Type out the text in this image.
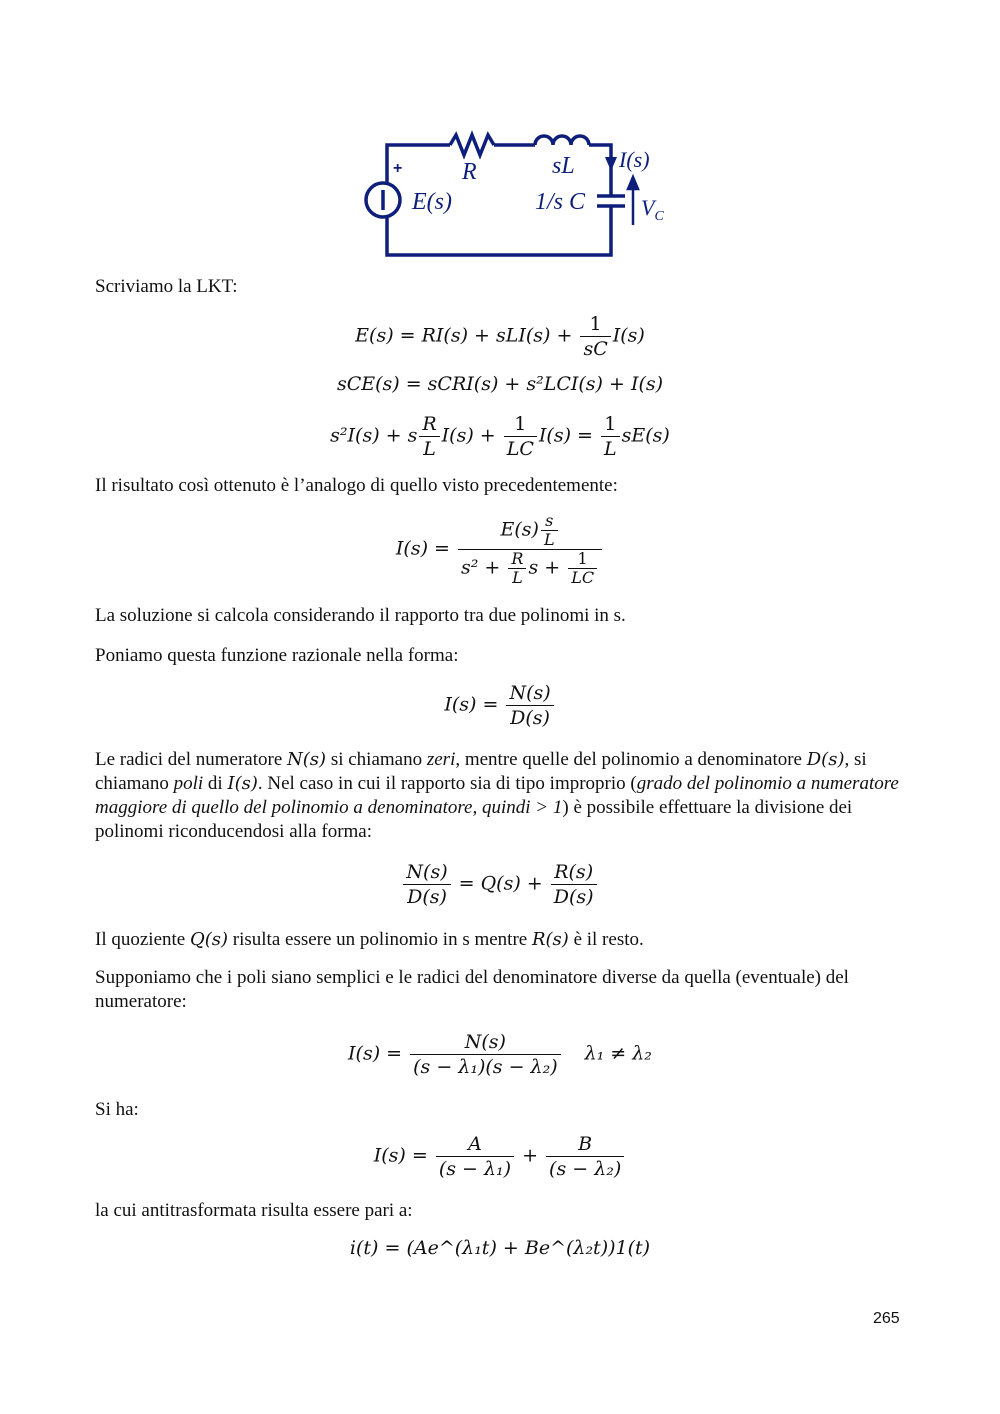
+ R	sL I(s)
E(s)	1/s C	$V_C$
Scriviamo la LKT:
$E(s) = RI(s) + sLI(s) + \frac{1}{sC} I(s)$
sCE(s) = sCRI(s) + s²LCI(s) + I(s)
s²I(s) + s $\frac{R}{L} I(s) + \frac{1}{LC} I(s) = \frac{1}{L} sE(s)$
Il risultato così ottenuto è l’analogo di quello visto precedentemente:
$I(s) = \frac{E(s) \frac{s}{L}}{s^2 + \frac{R}{L} s + \frac{1}{LC}}$
La soluzione si calcola considerando il rapporto tra due polinomi in s.
Poniamo questa funzione razionale nella forma:
$I(s) = \frac{N(s)}{D(s)}$
Le radici del numeratore N(s) si chiamano zeri, mentre quelle del polinomio a denominatore D(s), si chiamano poli di I(s). Nel caso in cui il rapporto sia di tipo improprio (grado del polinomio a numeratore maggiore di quello del polinomio a denominatore, quindi > 1) è possibile effettuare la divisione dei polinomi riconducendosi alla forma:
$\frac{N(s)}{D(s)} = Q(s) + \frac{R(s)}{D(s)}$
Il quoziente Q(s) risulta essere un polinomio in s mentre R(s) è il resto.
Supponiamo che i poli siano semplici e le radici del denominatore diverse da quella (eventuale) del numeratore:
$I(s) = \frac{N(s)}{\text{(s − λ₁)(s − λ₂)}} \lambda_1 \ne \lambda_2$
Si ha:
$I(s) = \frac{A}{\text{(s − λ₁)}} + \frac{B}{\text{(s − λ₂)}}$
la cui antitrasformata risulta essere pari a:
i(t) = (Ae^(λ₁t) + Be^(λ₂t))1(t)
265
